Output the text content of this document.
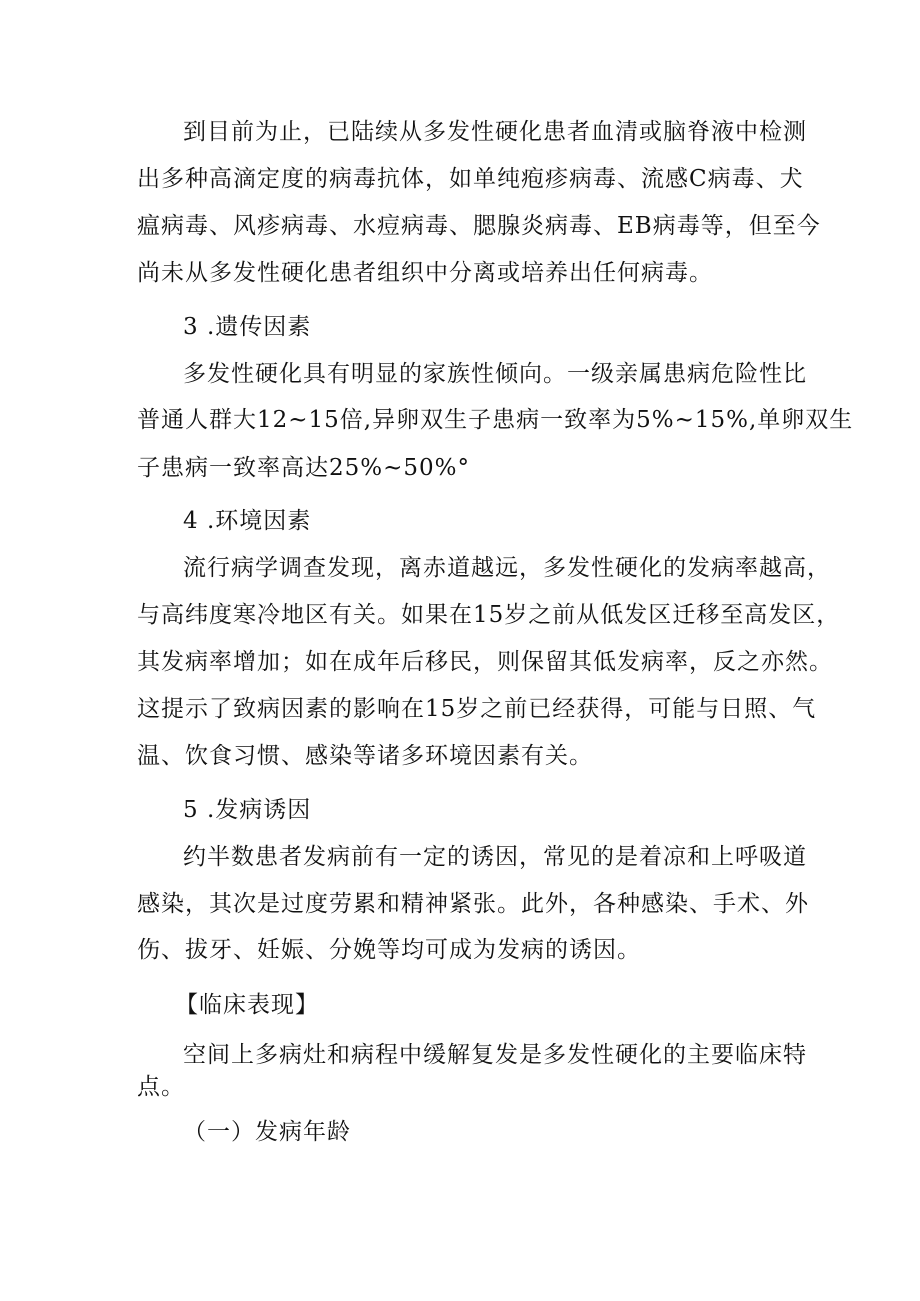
到目前为止，已陆续从多发性硬化患者血清或脑脊液中检测
出多种高滴定度的病毒抗体，如单纯疱疹病毒、流感C病毒、犬
瘟病毒、风疹病毒、水痘病毒、腮腺炎病毒、EB病毒等，但至今
尚未从多发性硬化患者组织中分离或培养出任何病毒。
3 .遗传因素
多发性硬化具有明显的家族性倾向。一级亲属患病危险性比
普通人群大12~15倍,异卵双生子患病一致率为5%~15%,单卵双生
子患病一致率高达25%~50%°
4 .环境因素
流行病学调查发现，离赤道越远，多发性硬化的发病率越高，
与高纬度寒冷地区有关。如果在15岁之前从低发区迁移至高发区，
其发病率增加；如在成年后移民，则保留其低发病率，反之亦然。
这提示了致病因素的影响在15岁之前已经获得，可能与日照、气
温、饮食习惯、感染等诸多环境因素有关。
5 .发病诱因
约半数患者发病前有一定的诱因，常见的是着凉和上呼吸道
感染，其次是过度劳累和精神紧张。此外，各种感染、手术、外
伤、拔牙、妊娠、分娩等均可成为发病的诱因。
【临床表现】
空间上多病灶和病程中缓解复发是多发性硬化的主要临床特
点。
（一）发病年龄
